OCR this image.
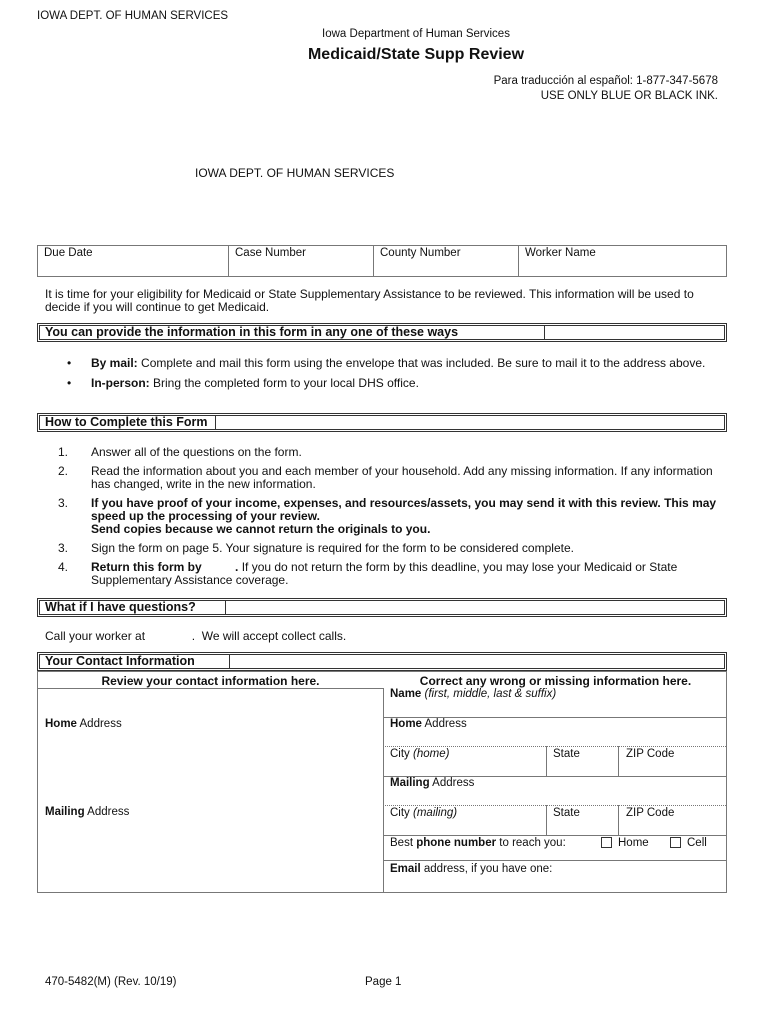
IOWA DEPT. OF HUMAN SERVICES
Iowa Department of Human Services
Medicaid/State Supp Review
Para traducción al español: 1-877-347-5678
USE ONLY BLUE OR BLACK INK.
IOWA DEPT. OF HUMAN SERVICES
Due Date	Case Number	County Number	Worker Name
It is time for your eligibility for Medicaid or State Supplementary Assistance to be reviewed. This information will be used to decide if you will continue to get Medicaid.
You can provide the information in this form in any one of these ways
• By mail: Complete and mail this form using the envelope that was included. Be sure to mail it to the address above.
• In-person: Bring the completed form to your local DHS office.
How to Complete this Form
1. Answer all of the questions on the form.
2. Read the information about you and each member of your household. Add any missing information. If any information has changed, write in the new information.
3. If you have proof of your income, expenses, and resources/assets, you may send it with this review. This may speed up the processing of your review.
Send copies because we cannot return the originals to you.
3. Sign the form on page 5. Your signature is required for the form to be considered complete.
4. Return this form by          . If you do not return the form by this deadline, you may lose your Medicaid or State Supplementary Assistance coverage.
What if I have questions?
Call your worker at              .  We will accept collect calls.
Your Contact Information
Review your contact information here.	Correct any wrong or missing information here.
Name (first, middle, last & suffix)
Home Address
Mailing Address
Home Address
City (home)	State	ZIP Code
Mailing Address
City (mailing)	State	ZIP Code
Best phone number to reach you:	Home	Cell
Email address, if you have one:
470-5482(M) (Rev. 10/19)	Page 1
